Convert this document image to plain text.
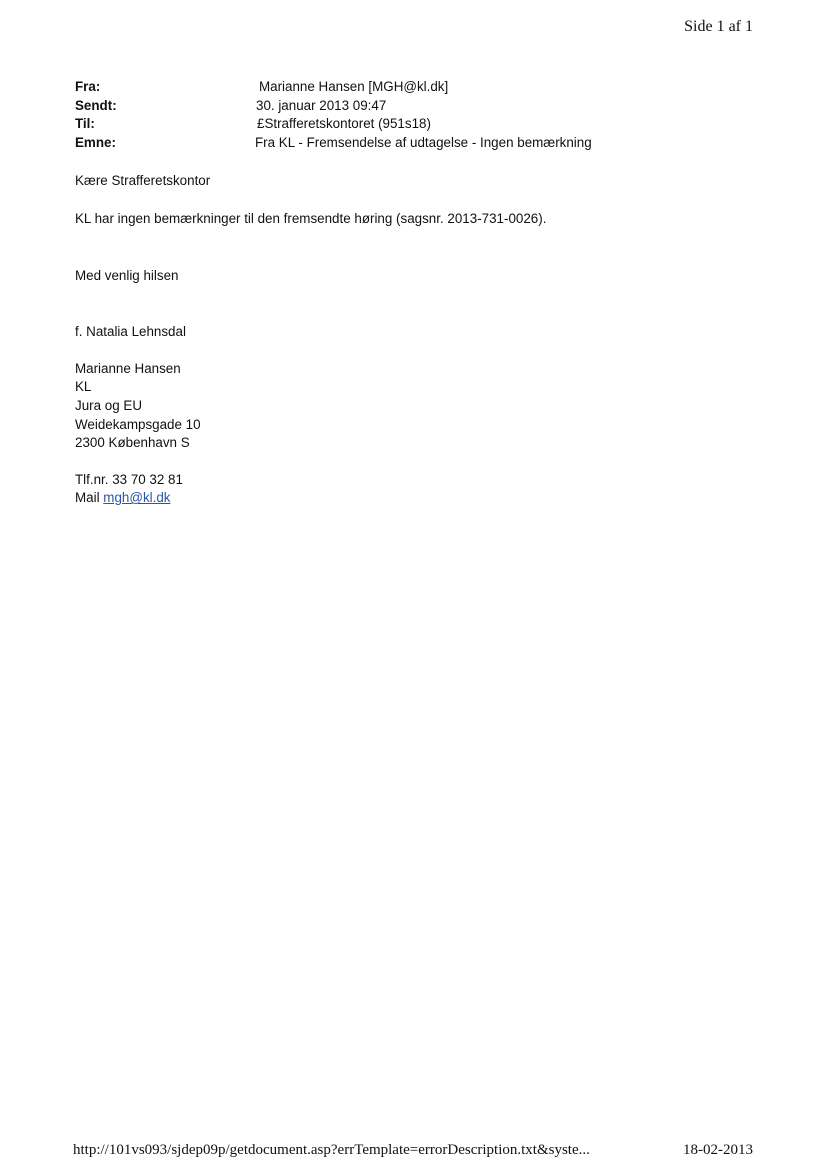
Side 1 af 1
Fra:	Marianne Hansen [MGH@kl.dk]
Sendt:	30. januar 2013 09:47
Til:	£Strafferetskontoret (951s18)
Emne:	Fra KL - Fremsendelse af udtagelse - Ingen bemærkning
Kære Strafferetskontor
KL har ingen bemærkninger til den fremsendte høring (sagsnr. 2013-731-0026).
Med venlig hilsen
f. Natalia Lehnsdal
Marianne Hansen
KL
Jura og EU
Weidekampsgade 10
2300 København S
Tlf.nr. 33 70 32 81
Mail mgh@kl.dk
http://101vs093/sjdep09p/getdocument.asp?errTemplate=errorDescription.txt&syste...	18-02-2013
